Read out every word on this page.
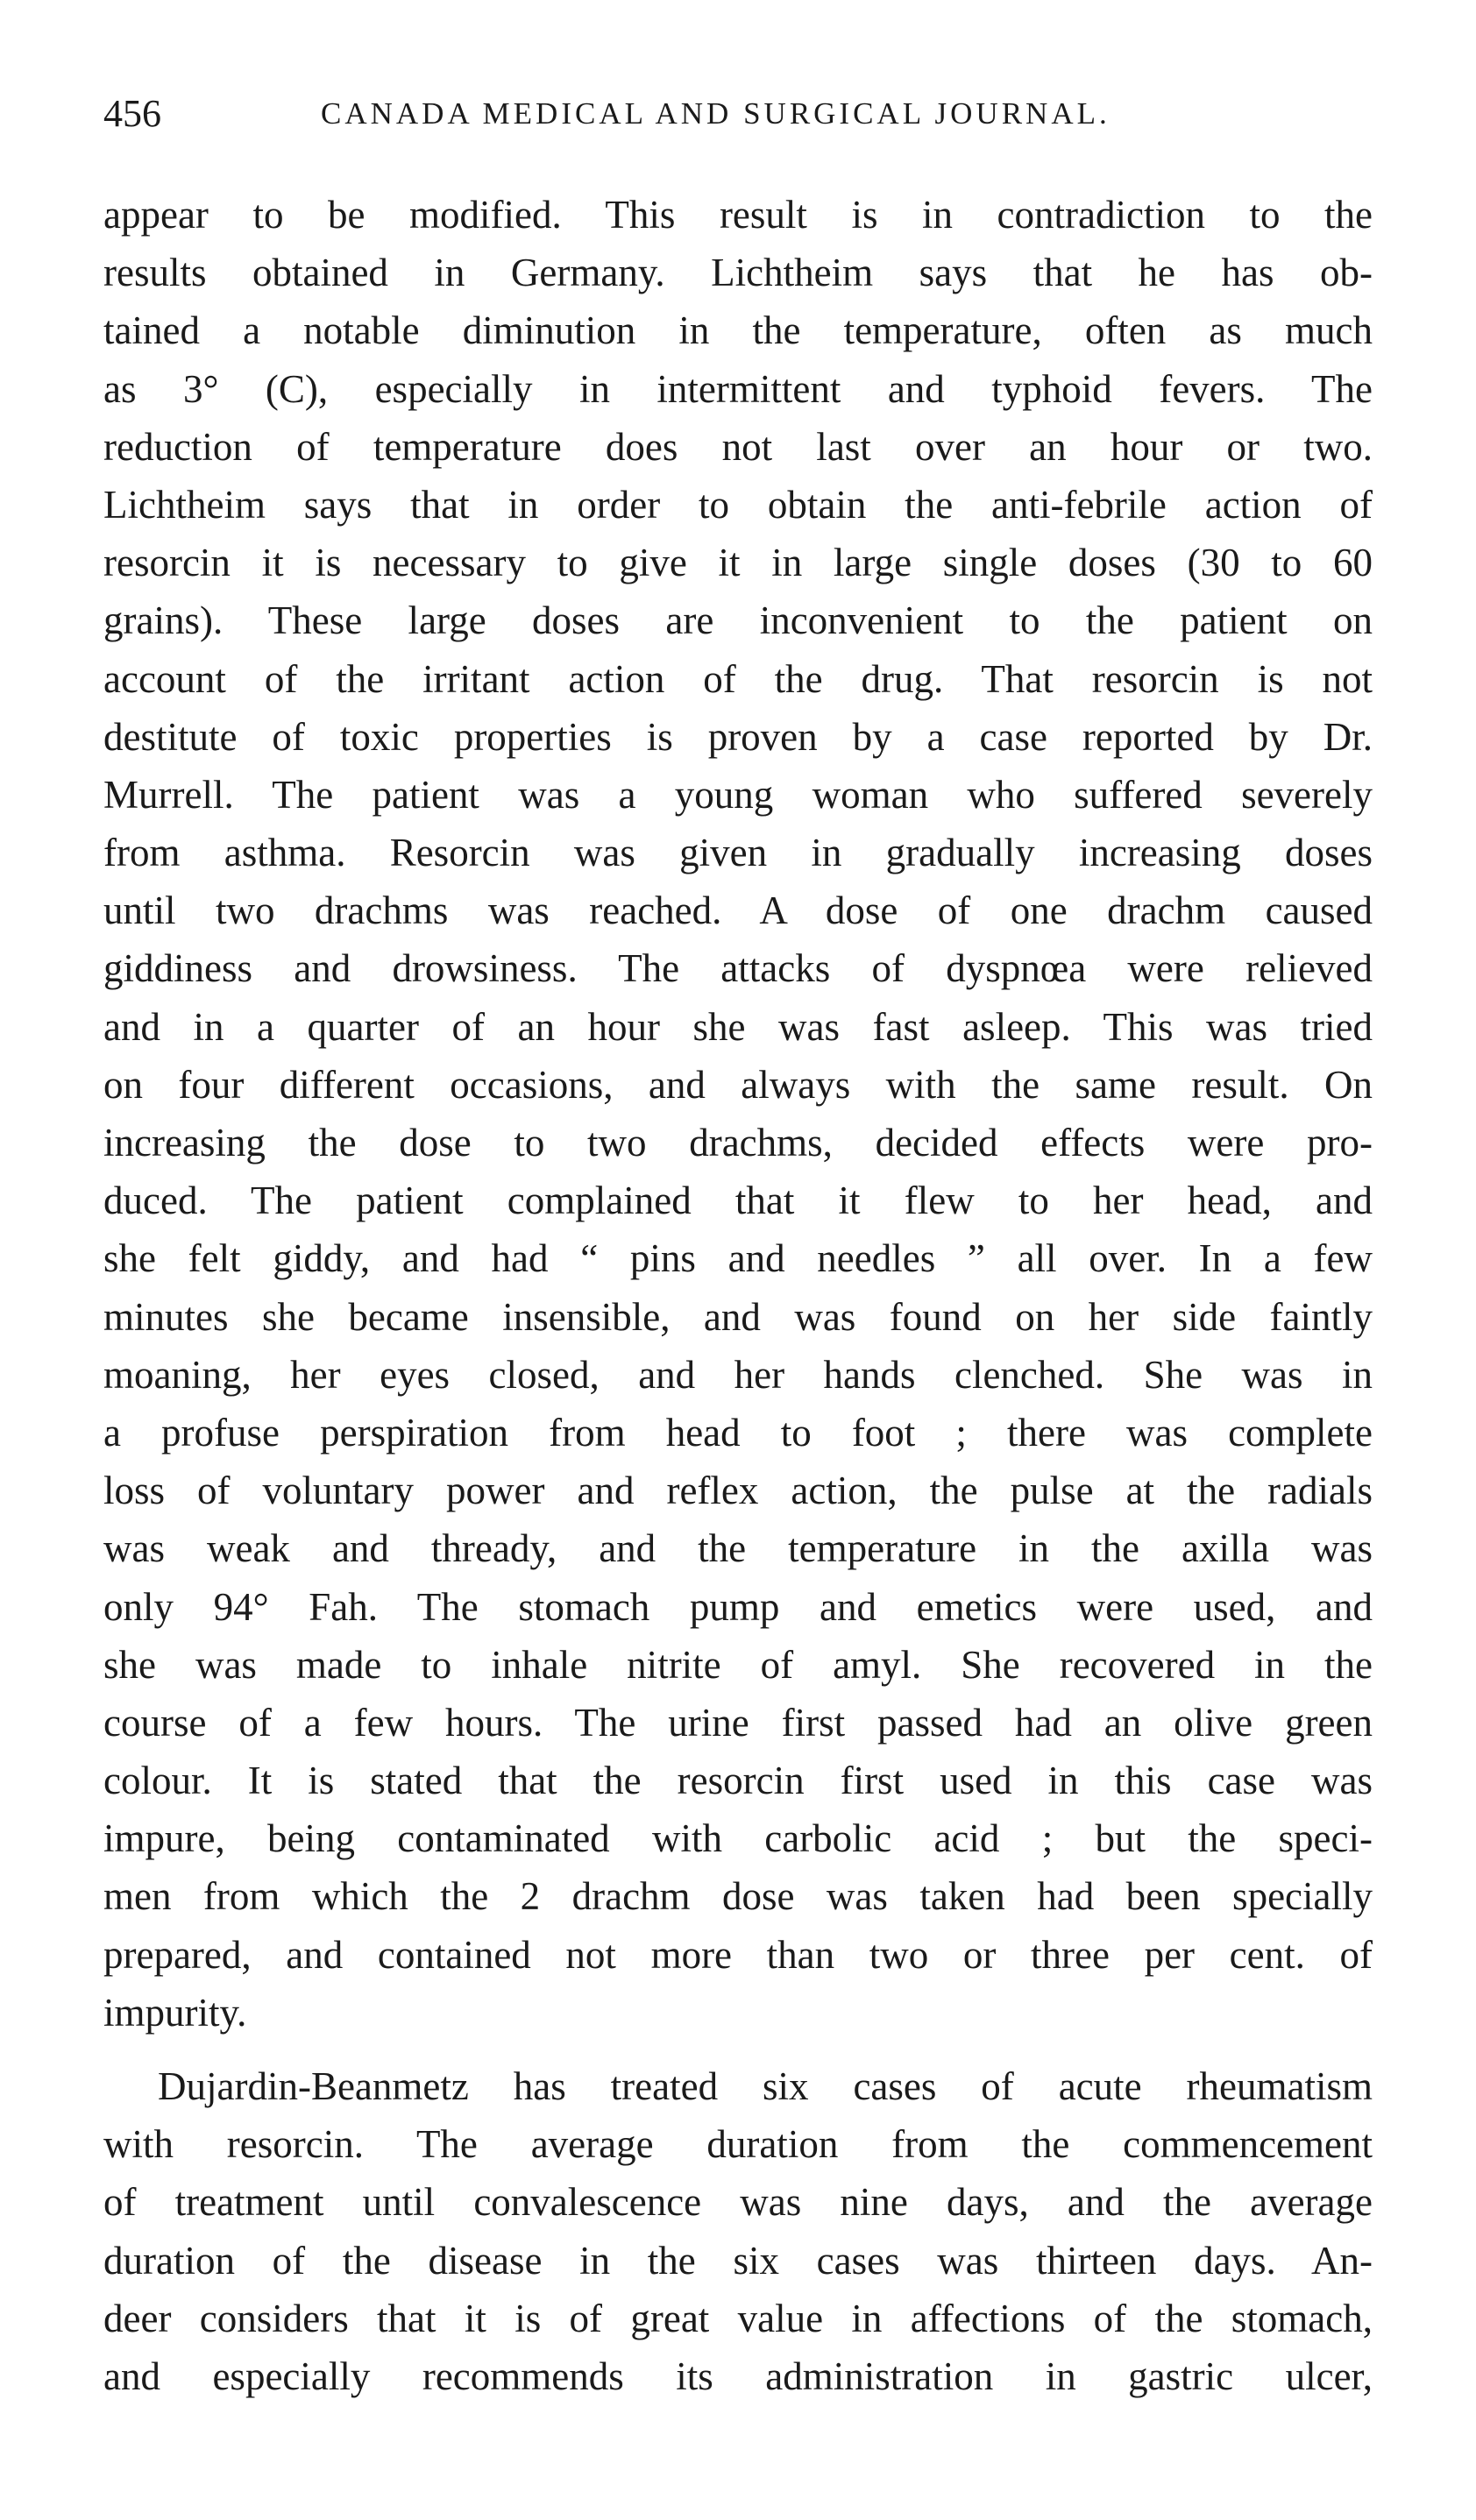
456	CANADA MEDICAL AND SURGICAL JOURNAL.
appear to be modified. This result is in contradiction to the
results obtained in Germany. Lichtheim says that he has ob-
tained a notable diminution in the temperature, often as much
as 3° (C), especially in intermittent and typhoid fevers. The
reduction of temperature does not last over an hour or two.
Lichtheim says that in order to obtain the anti-febrile action of
resorcin it is necessary to give it in large single doses (30 to 60
grains). These large doses are inconvenient to the patient on
account of the irritant action of the drug. That resorcin is not
destitute of toxic properties is proven by a case reported by Dr.
Murrell. The patient was a young woman who suffered severely
from asthma. Resorcin was given in gradually increasing doses
until two drachms was reached. A dose of one drachm caused
giddiness and drowsiness. The attacks of dyspnœa were relieved
and in a quarter of an hour she was fast asleep. This was tried
on four different occasions, and always with the same result. On
increasing the dose to two drachms, decided effects were pro-
duced. The patient complained that it flew to her head, and
she felt giddy, and had “ pins and needles ” all over. In a few
minutes she became insensible, and was found on her side faintly
moaning, her eyes closed, and her hands clenched. She was in
a profuse perspiration from head to foot ; there was complete
loss of voluntary power and reflex action, the pulse at the radials
was weak and thready, and the temperature in the axilla was
only 94° Fah. The stomach pump and emetics were used, and
she was made to inhale nitrite of amyl. She recovered in the
course of a few hours. The urine first passed had an olive green
colour. It is stated that the resorcin first used in this case was
impure, being contaminated with carbolic acid ; but the speci-
men from which the 2 drachm dose was taken had been specially
prepared, and contained not more than two or three per cent. of
impurity.
Dujardin-Beanmetz has treated six cases of acute rheumatism
with resorcin. The average duration from the commencement
of treatment until convalescence was nine days, and the average
duration of the disease in the six cases was thirteen days. An-
deer considers that it is of great value in affections of the stomach,
and especially recommends its administration in gastric ulcer,
